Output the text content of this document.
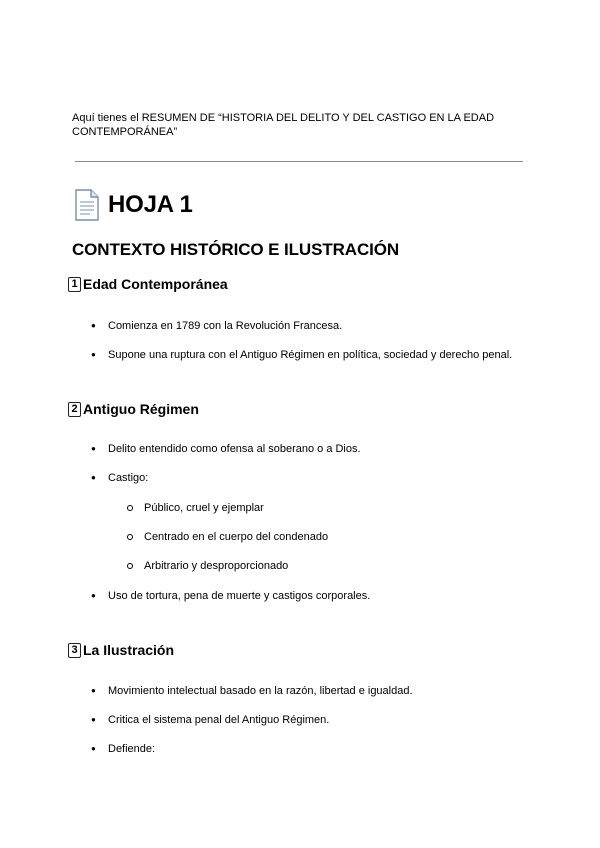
Aquí tienes el RESUMEN DE “HISTORIA DEL DELITO Y DEL CASTIGO EN LA EDAD CONTEMPORÁNEA”
HOJA 1
CONTEXTO HISTÓRICO E ILUSTRACIÓN
1 Edad Contemporánea
● Comienza en 1789 con la Revolución Francesa.
● Supone una ruptura con el Antiguo Régimen en política, sociedad y derecho penal.
2 Antiguo Régimen
● Delito entendido como ofensa al soberano o a Dios.
● Castigo:
Público, cruel y ejemplar
Centrado en el cuerpo del condenado
Arbitrario y desproporcionado
● Uso de tortura, pena de muerte y castigos corporales.
3 La Ilustración
● Movimiento intelectual basado en la razón, libertad e igualdad.
● Critica el sistema penal del Antiguo Régimen.
● Defiende:
